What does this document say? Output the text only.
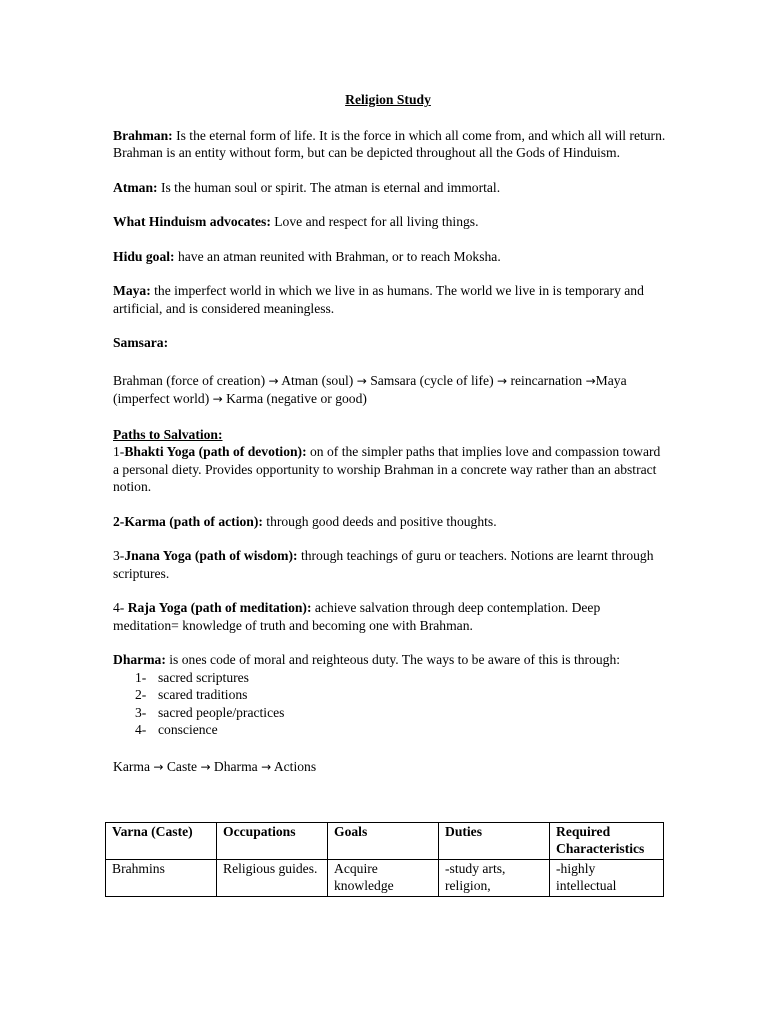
Religion Study

Brahman: Is the eternal form of life. It is the force in which all come from, and which all will return. Brahman is an entity without form, but can be depicted throughout all the Gods of Hinduism.

Atman: Is the human soul or spirit. The atman is eternal and immortal.

What Hinduism advocates: Love and respect for all living things.

Hidu goal: have an atman reunited with Brahman, or to reach Moksha.

Maya: the imperfect world in which we live in as humans. The world we live in is temporary and artificial, and is considered meaningless.

Samsara:

Brahman (force of creation) → Atman (soul) → Samsara (cycle of life) → reincarnation →Maya (imperfect world) → Karma (negative or good)

Paths to Salvation:

1-Bhakti Yoga (path of devotion): on of the simpler paths that implies love and compassion toward a personal diety. Provides opportunity to worship Brahman in a concrete way rather than an abstract notion.

2-Karma (path of action): through good deeds and positive thoughts.

3-Jnana Yoga (path of wisdom): through teachings of guru or teachers. Notions are learnt through scriptures.

4- Raja Yoga (path of meditation): achieve salvation through deep contemplation. Deep meditation= knowledge of truth and becoming one with Brahman.

Dharma: is ones code of moral and reighteous duty. The ways to be aware of this is through:

1- sacred scriptures
2- scared traditions
3- sacred people/practices
4- conscience

Karma → Caste → Dharma → Actions

Varna (Caste)	Occupations	Goals	Duties	Required Characteristics
Brahmins	Religious guides.	Acquire knowledge	-study arts, religion,	-highly intellectual
